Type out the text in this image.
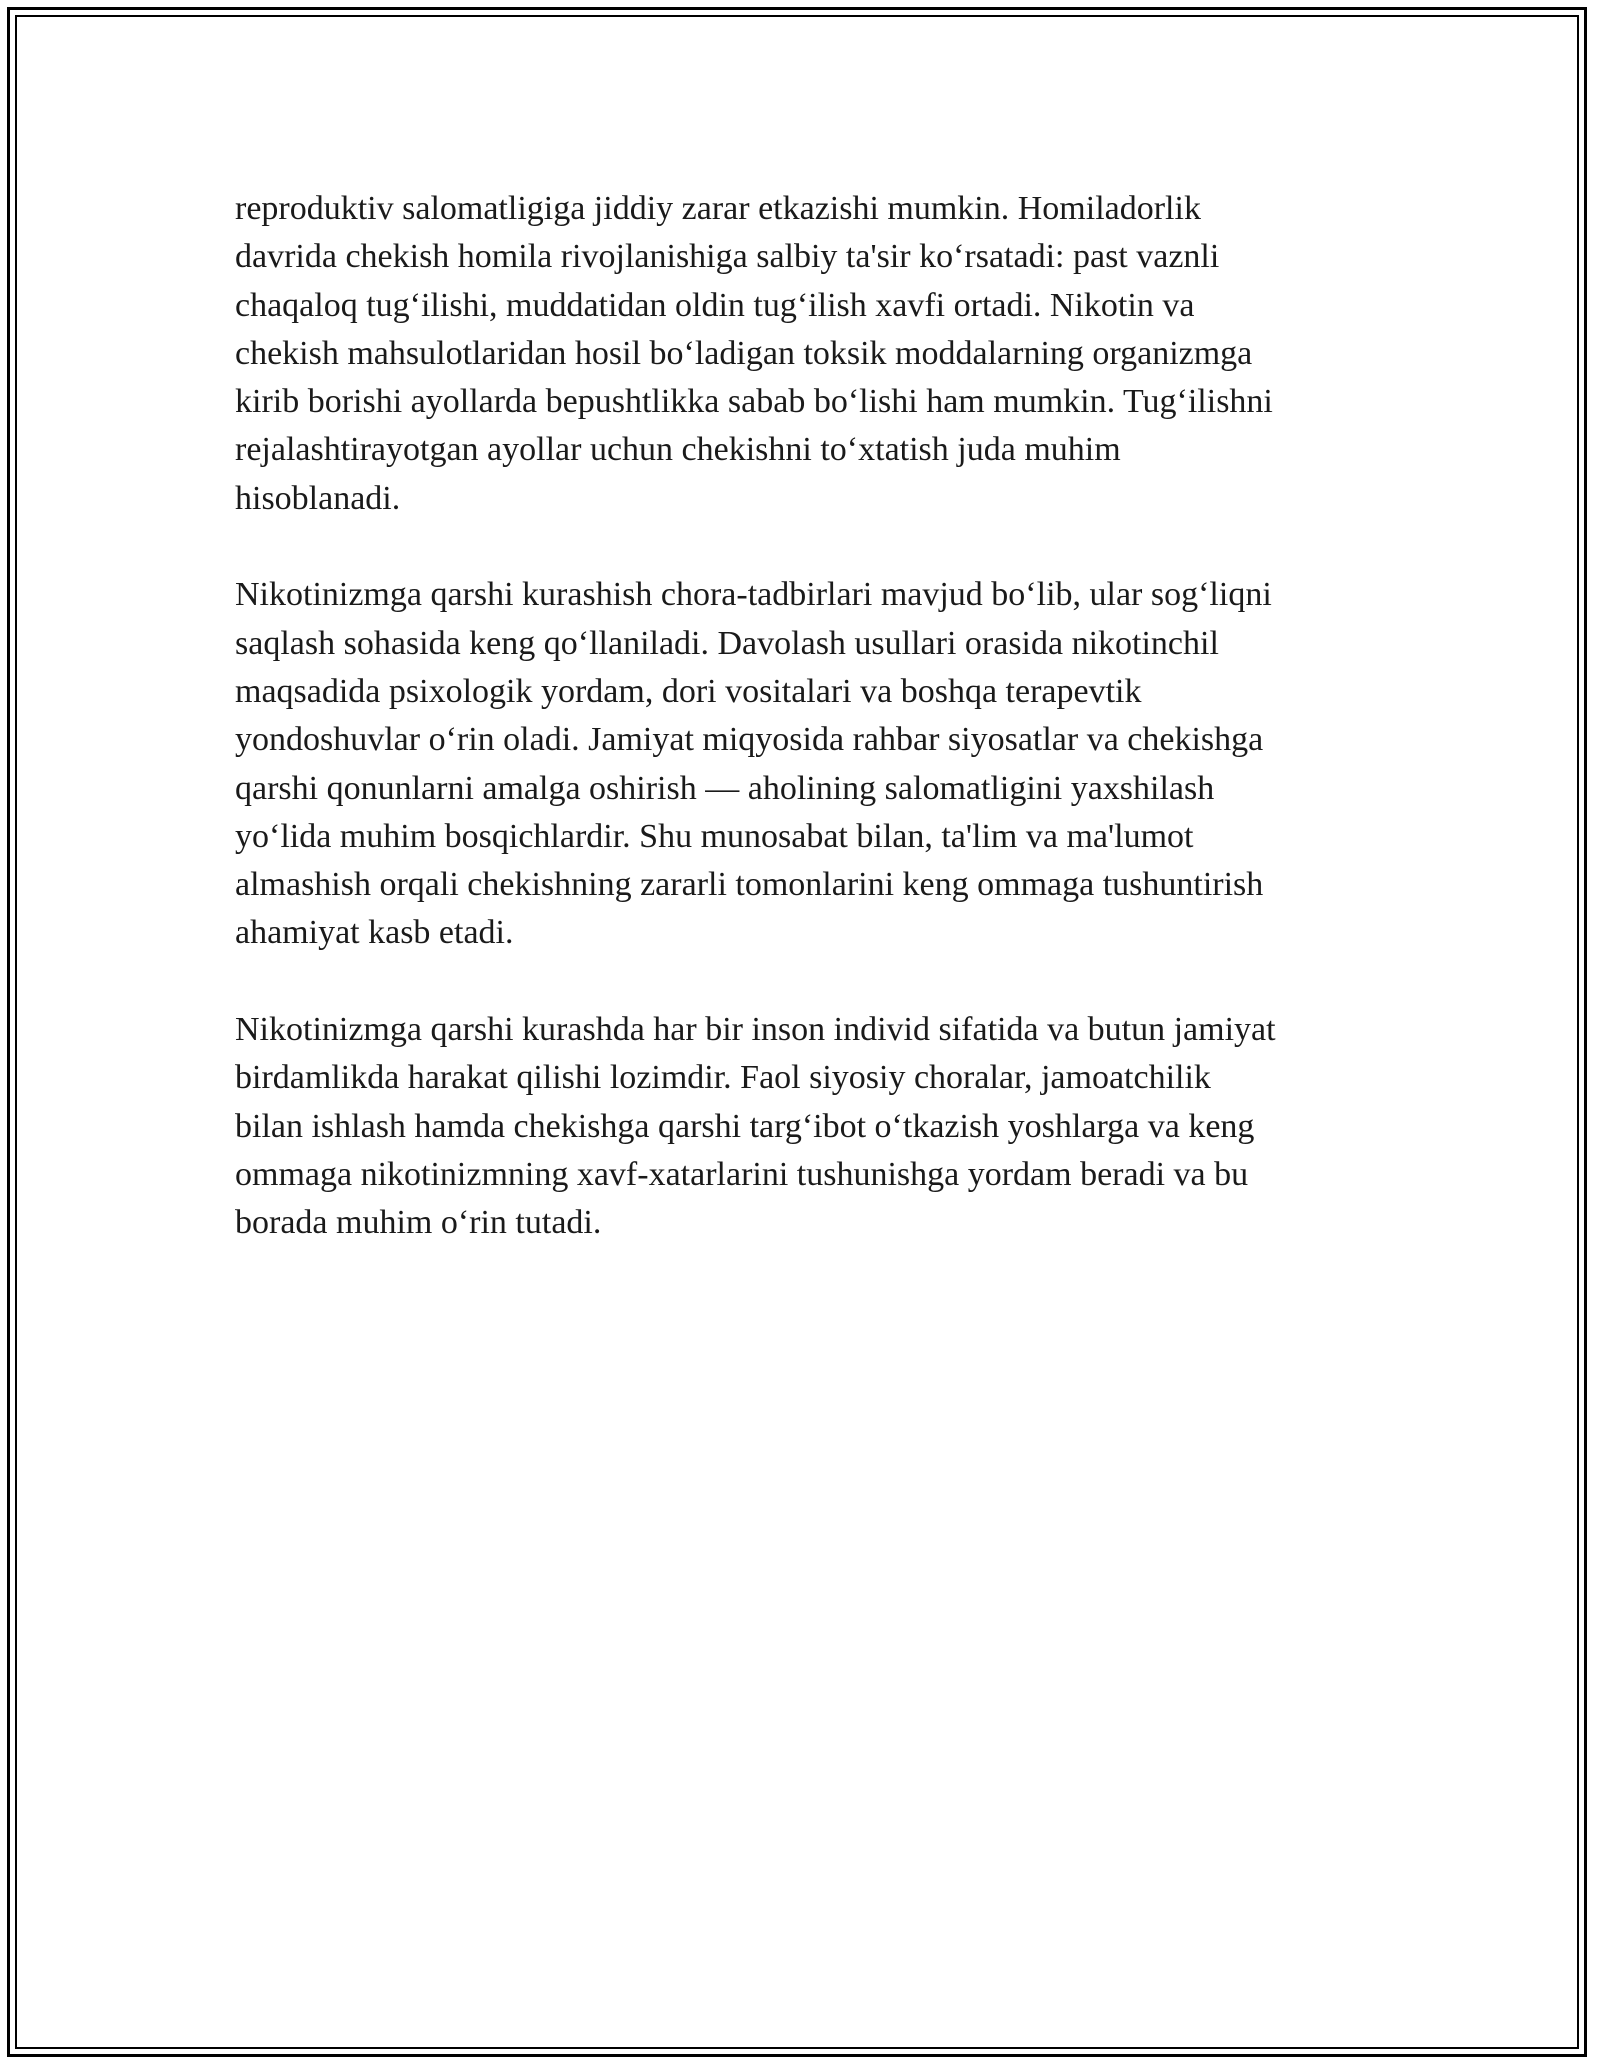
reproduktiv salomatligiga jiddiy zarar etkazishi mumkin. Homiladorlik
davrida chekish homila rivojlanishiga salbiy ta'sir ko‘rsatadi: past vaznli
chaqaloq tug‘ilishi, muddatidan oldin tug‘ilish xavfi ortadi. Nikotin va
chekish mahsulotlaridan hosil bo‘ladigan toksik moddalarning organizmga
kirib borishi ayollarda bepushtlikka sabab bo‘lishi ham mumkin. Tug‘ilishni
rejalashtirayotgan ayollar uchun chekishni to‘xtatish juda muhim
hisoblanadi.

Nikotinizmga qarshi kurashish chora-tadbirlari mavjud bo‘lib, ular sog‘liqni
saqlash sohasida keng qo‘llaniladi. Davolash usullari orasida nikotinchil
maqsadida psixologik yordam, dori vositalari va boshqa terapevtik
yondoshuvlar o‘rin oladi. Jamiyat miqyosida rahbar siyosatlar va chekishga
qarshi qonunlarni amalga oshirish — aholining salomatligini yaxshilash
yo‘lida muhim bosqichlardir. Shu munosabat bilan, ta'lim va ma'lumot
almashish orqali chekishning zararli tomonlarini keng ommaga tushuntirish
ahamiyat kasb etadi.

Nikotinizmga qarshi kurashda har bir inson individ sifatida va butun jamiyat
birdamlikda harakat qilishi lozimdir. Faol siyosiy choralar, jamoatchilik
bilan ishlash hamda chekishga qarshi targ‘ibot o‘tkazish yoshlarga va keng
ommaga nikotinizmning xavf-xatarlarini tushunishga yordam beradi va bu
borada muhim o‘rin tutadi.
